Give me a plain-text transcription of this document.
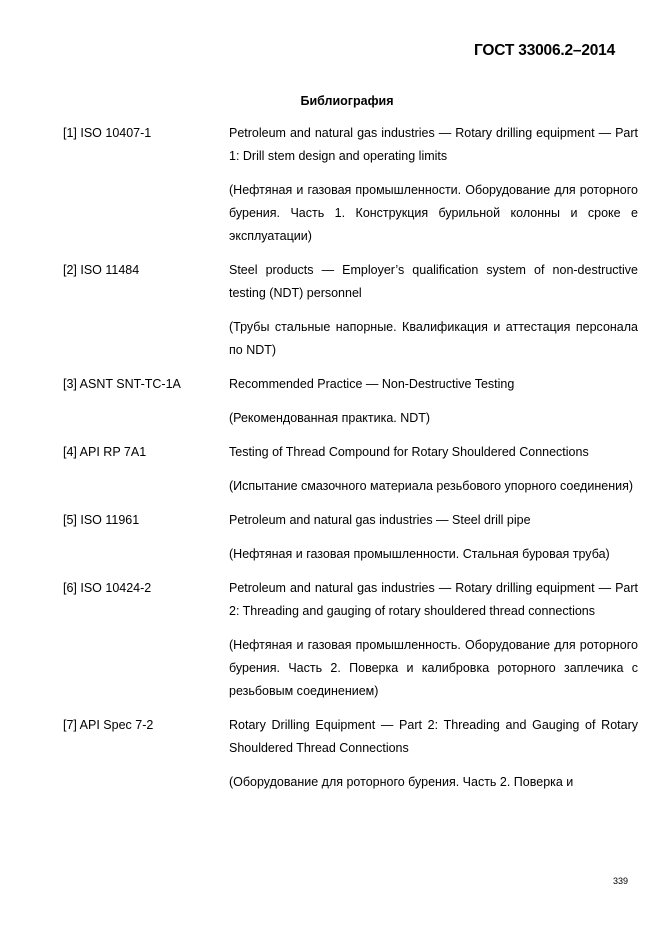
ГОСТ 33006.2–2014
Библиография
[1] ISO 10407-1	Petroleum and natural gas industries — Rotary drilling equipment — Part 1: Drill stem design and operating limits
(Нефтяная и газовая промышленности. Оборудование для роторного бурения. Часть 1. Конструкция бурильной колонны и сроке е эксплуатации)
[2] ISO 11484	Steel products — Employer’s qualification system of non-destructive testing (NDT) personnel
(Трубы стальные напорные. Квалификация и аттестация персонала по NDT)
[3] ASNT SNT-TC-1A	Recommended Practice — Non-Destructive Testing
(Рекомендованная практика. NDT)
[4] API RP 7A1	Testing of Thread Compound for Rotary Shouldered Connections
(Испытание смазочного материала резьбового упорного соединения)
[5] ISO 11961	Petroleum and natural gas industries — Steel drill pipe
(Нефтяная и газовая промышленности. Стальная буровая труба)
[6] ISO 10424-2	Petroleum and natural gas industries — Rotary drilling equipment — Part 2: Threading and gauging of rotary shouldered thread connections
(Нефтяная и газовая промышленность. Оборудование для роторного бурения. Часть 2. Поверка и калибровка роторного заплечика с резьбовым соединением)
[7] API Spec 7-2	Rotary Drilling Equipment — Part 2: Threading and Gauging of Rotary Shouldered Thread Connections
(Оборудование для роторного бурения. Часть 2. Поверка и
339
